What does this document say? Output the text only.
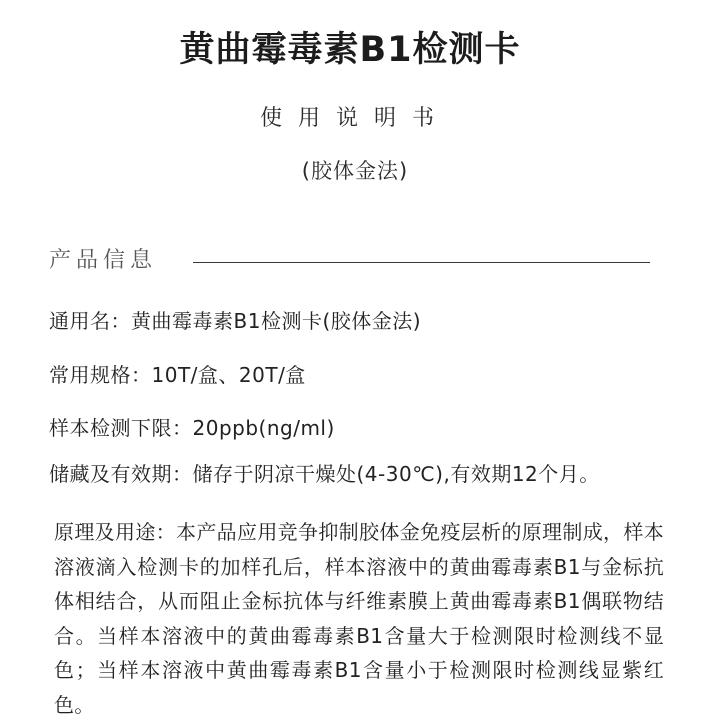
黄曲霉毒素B1检测卡
使用说明书
(胶体金法)
产品信息
通用名：黄曲霉毒素B1检测卡(胶体金法)
常用规格：10T/盒、20T/盒
样本检测下限：20ppb(ng/ml)
储藏及有效期：储存于阴凉干燥处(4-30℃),有效期12个月。
原理及用途：本产品应用竞争抑制胶体金免疫层析的原理制成，样本溶液滴入检测卡的加样孔后，样本溶液中的黄曲霉毒素B1与金标抗体相结合，从而阻止金标抗体与纤维素膜上黄曲霉毒素B1偶联物结合。当样本溶液中的黄曲霉毒素B1含量大于检测限时检测线不显色；当样本溶液中黄曲霉毒素B1含量小于检测限时检测线显紫红色。
